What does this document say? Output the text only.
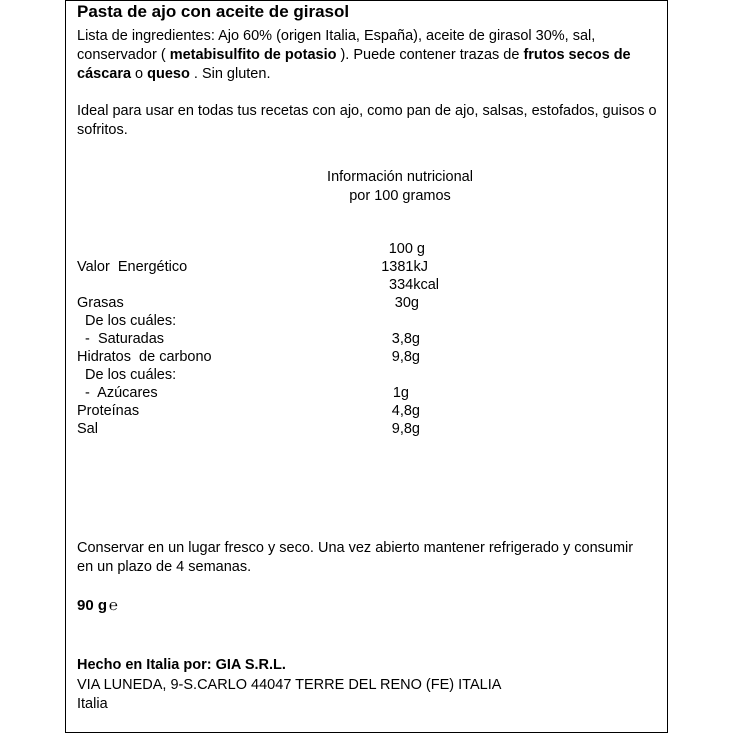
Pasta de ajo con aceite de girasol
Lista de ingredientes: Ajo 60% (origen Italia, España), aceite de girasol 30%, sal, conservador ( metabisulfito de potasio ). Puede contener trazas de frutos secos de cáscara o queso . Sin gluten.
Ideal para usar en todas tus recetas con ajo, como pan de ajo, salsas, estofados, guisos o sofritos.
Información nutricional
por 100 gramos
100 g
Valor  Energético	1381kJ
334kcal
Grasas	30g
De los cuáles:
-  Saturadas	3,8g
Hidratos  de carbono	9,8g
De los cuáles:
-  Azúcares	1g
Proteínas	4,8g
Sal	9,8g
Conservar en un lugar fresco y seco. Una vez abierto mantener refrigerado y consumir en un plazo de 4 semanas.
90 g ℮
Hecho en Italia por: GIA S.R.L.
VIA LUNEDA, 9-S.CARLO 44047 TERRE DEL RENO (FE) ITALIA
Italia
